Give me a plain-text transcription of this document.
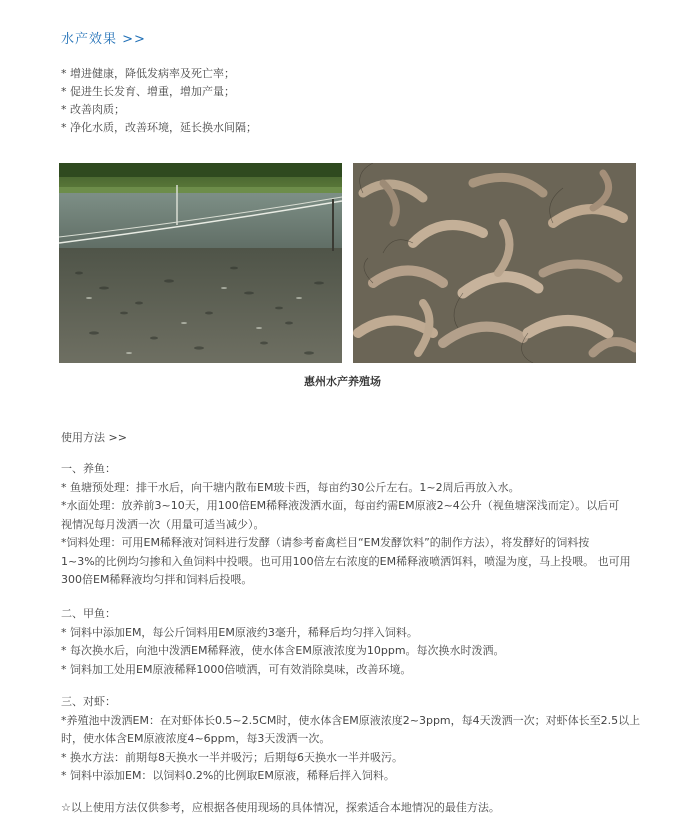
水产效果 >>
* 增进健康，降低发病率及死亡率；
* 促进生长发育、增重，增加产量；
* 改善肉质；
* 净化水质，改善环境，延长换水间隔；
惠州水产养殖场
使用方法 >>
一、养鱼：
* 鱼塘预处理：排干水后，向干塘内散布EM玻卡西，每亩约30公斤左右。1~2周后再放入水。
*水面处理：放养前3~10天，用100倍EM稀释液泼洒水面，每亩约需EM原液2~4公升（视鱼塘深浅而定）。以后可
视情况每月泼洒一次（用量可适当减少）。
*饲料处理：可用EM稀释液对饲料进行发酵（请参考畜禽栏目“EM发酵饮料”的制作方法），将发酵好的饲料按
1~3%的比例均匀掺和入鱼饲料中投喂。也可用100倍左右浓度的EM稀释液喷洒饵料，喷湿为度，马上投喂。 也可用
300倍EM稀释液均匀拌和饲料后投喂。
二、甲鱼：
* 饲料中添加EM，每公斤饲料用EM原液约3毫升，稀释后均匀拌入饲料。
* 每次换水后，向池中泼洒EM稀释液，使水体含EM原液浓度为10ppm。每次换水时泼洒。
* 饲料加工处用EM原液稀释1000倍喷洒，可有效消除臭味，改善环境。
三、对虾：
*养殖池中泼洒EM：在对虾体长0.5~2.5CM时，使水体含EM原液浓度2~3ppm，每4天泼洒一次；对虾体长至2.5以上
时，使水体含EM原液浓度4~6ppm，每3天泼洒一次。
* 换水方法：前期每8天换水一半并吸污；后期每6天换水一半并吸污。
* 饲料中添加EM：以饲料0.2%的比例取EM原液，稀释后拌入饲料。
☆以上使用方法仅供参考，应根据各使用现场的具体情况，探索适合本地情况的最佳方法。
